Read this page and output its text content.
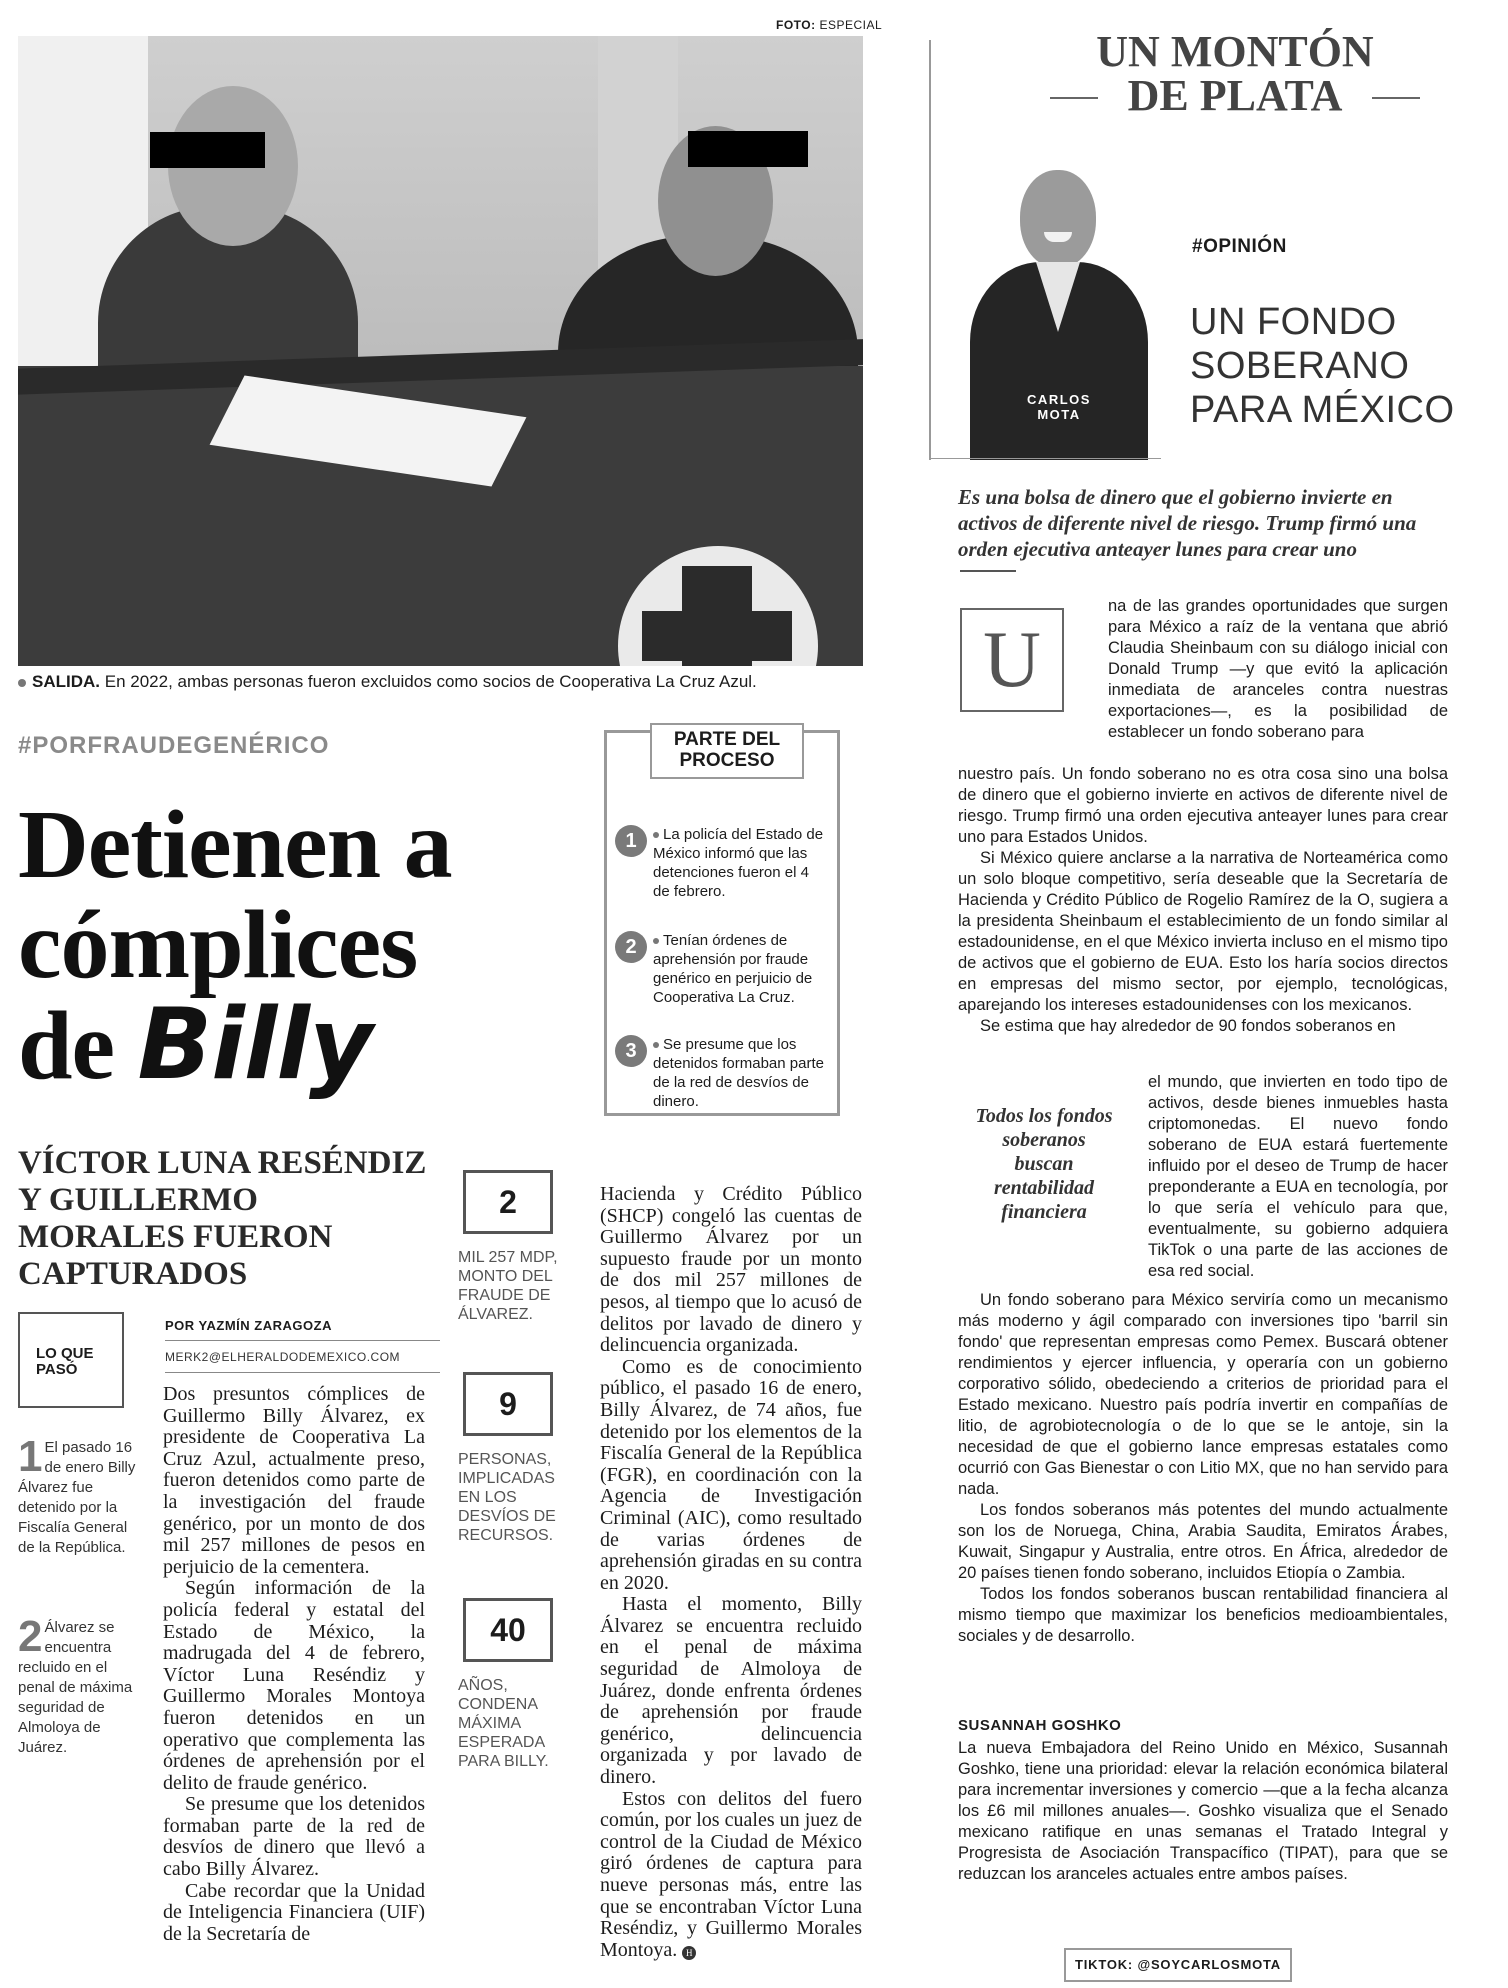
FOTO: ESPECIAL
SALIDA. En 2022, ambas personas fueron excluidos como socios de Cooperativa La Cruz Azul.
#PORFRAUDEGENÉRICO
Detienen a
cómplices
de Billy
VÍCTOR LUNA RESÉNDIZ Y GUILLERMO MORALES FUERON CAPTURADOS
PARTE DEL PROCESO
1	La policía del Estado de México informó que las detenciones fueron el 4 de febrero.
2	Tenían órdenes de aprehensión por fraude genérico en perjuicio de Cooperativa La Cruz.
3	Se presume que los detenidos formaban parte de la red de desvíos de dinero.
2
MIL 257 MDP, MONTO DEL FRAUDE DE ÁLVAREZ.
9
PERSONAS, IMPLICADAS EN LOS DESVÍOS DE RECURSOS.
40
AÑOS, CONDENA MÁXIMA ESPERADA PARA BILLY.
LO QUE PASÓ
1 El pasado 16 de enero Billy Álvarez fue detenido por la Fiscalía General de la República.
2 Álvarez se encuentra recluido en el penal de máxima seguridad de Almoloya de Juárez.
POR YAZMÍN ZARAGOZA
MERK2@ELHERALDODEMEXICO.COM

Dos presuntos cómplices de Guillermo Billy Álvarez, ex presidente de Cooperativa La Cruz Azul, actualmente preso, fueron detenidos como parte de la investigación del fraude genérico, por un monto de dos mil 257 millones de pesos en perjuicio de la cementera.

Según información de la policía federal y estatal del Estado de México, la madrugada del 4 de febrero, Víctor Luna Reséndiz y Guillermo Morales Montoya fueron detenidos en un operativo que complementa las órdenes de aprehensión por el delito de fraude genérico.

Se presume que los detenidos formaban parte de la red de desvíos de dinero que llevó a cabo Billy Álvarez.

Cabe recordar que la Unidad de Inteligencia Financiera (UIF) de la Secretaría de

Hacienda y Crédito Público (SHCP) congeló las cuentas de Guillermo Álvarez por un supuesto fraude por un monto de dos mil 257 millones de pesos, al tiempo que lo acusó de delitos por lavado de dinero y delincuencia organizada.

Como es de conocimiento público, el pasado 16 de enero, Billy Álvarez, de 74 años, fue detenido por los elementos de la Fiscalía General de la República (FGR), en coordinación con la Agencia de Investigación Criminal (AIC), como resultado de varias órdenes de aprehensión giradas en su contra en 2020.

Hasta el momento, Billy Álvarez se encuentra recluido en el penal de máxima seguridad de Almoloya de Juárez, donde enfrenta órdenes de aprehensión por fraude genérico, delincuencia organizada y por lavado de dinero.

Estos con delitos del fuero común, por los cuales un juez de control de la Ciudad de México giró órdenes de captura para nueve personas más, entre las que se encontraban Víctor Luna Reséndiz, y Guillermo Morales Montoya. H

UN MONTÓN
DE PLATA
CARLOS
MOTA
#OPINIÓN
UN FONDO
SOBERANO
PARA MÉXICO
Es una bolsa de dinero que el gobierno invierte en activos de diferente nivel de riesgo. Trump firmó una orden ejecutiva anteayer lunes para crear uno
U

na de las grandes oportunidades que surgen para México a raíz de la ventana que abrió Claudia Sheinbaum con su diálogo inicial con Donald Trump —y que evitó la aplicación inmediata de aranceles contra nuestras exportaciones—, es la posibilidad de establecer un fondo soberano para

nuestro país. Un fondo soberano no es otra cosa sino una bolsa de dinero que el gobierno invierte en activos de diferente nivel de riesgo. Trump firmó una orden ejecutiva anteayer lunes para crear uno para Estados Unidos.

Si México quiere anclarse a la narrativa de Norteamérica como un solo bloque competitivo, sería deseable que la Secretaría de Hacienda y Crédito Público de Rogelio Ramírez de la O, sugiera a la presidenta Sheinbaum el establecimiento de un fondo similar al estadounidense, en el que México invierta incluso en el mismo tipo de activos que el gobierno de EUA. Esto los haría socios directos en empresas del mismo sector, por ejemplo, tecnológicas, aparejando los intereses estadounidenses con los mexicanos.

Se estima que hay alrededor de 90 fondos soberanos en

Todos los fondos soberanos buscan rentabilidad financiera

el mundo, que invierten en todo tipo de activos, desde bienes inmuebles hasta criptomonedas. El nuevo fondo soberano de EUA estará fuertemente influido por el deseo de Trump de hacer preponderante a EUA en tecnología, por lo que sería el vehículo para que, eventualmente, su gobierno adquiera TikTok o una parte de las acciones de esa red social.

Un fondo soberano para México serviría como un mecanismo más moderno y ágil comparado con inversiones tipo 'barril sin fondo' que representan empresas como Pemex. Buscará obtener rendimientos y ejercer influencia, y operaría con un gobierno corporativo sólido, obedeciendo a criterios de prioridad para el Estado mexicano. Nuestro país podría invertir en compañías de litio, de agrobiotecnología o de lo que se le antoje, sin la necesidad de que el gobierno lance empresas estatales como ocurrió con Gas Bienestar o con Litio MX, que no han servido para nada.

Los fondos soberanos más potentes del mundo actualmente son los de Noruega, China, Arabia Saudita, Emiratos Árabes, Kuwait, Singapur y Australia, entre otros. En África, alrededor de 20 países tienen fondo soberano, incluidos Etiopía o Zambia.

Todos los fondos soberanos buscan rentabilidad financiera al mismo tiempo que maximizar los beneficios medioambientales, sociales y de desarrollo.

SUSANNAH GOSHKO

La nueva Embajadora del Reino Unido en México, Susannah Goshko, tiene una prioridad: elevar la relación económica bilateral para incrementar inversiones y comercio —que a la fecha alcanza los £6 mil millones anuales—. Goshko visualiza que el Senado mexicano ratifique en unas semanas el Tratado Integral y Progresista de Asociación Transpacífico (TIPAT), para que se reduzcan los aranceles actuales entre ambos países.

TIKTOK: @SOYCARLOSMOTA
